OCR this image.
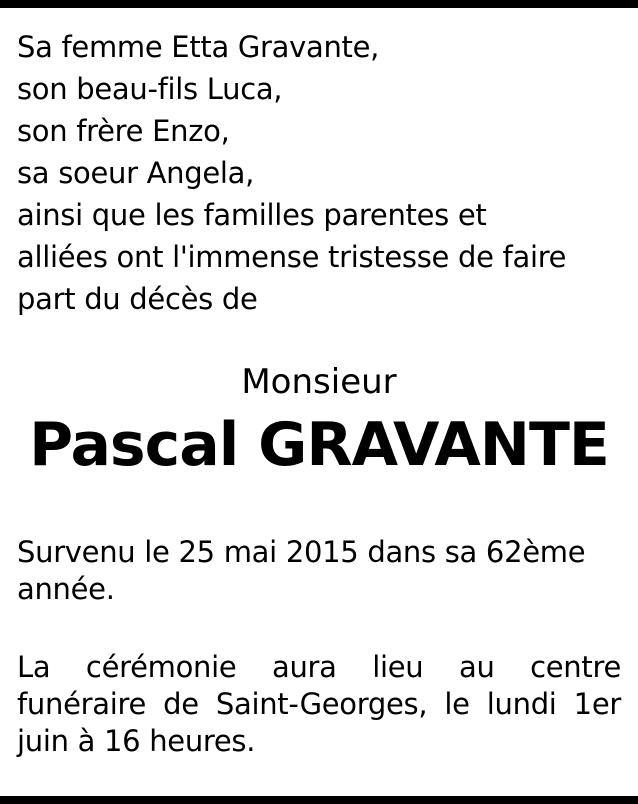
Sa femme Etta Gravante,
son beau-fils Luca,
son frère Enzo,
sa soeur Angela,
ainsi que les familles parentes et
alliées ont l'immense tristesse de faire
part du décès de
Monsieur
Pascal GRAVANTE
Survenu le 25 mai 2015 dans sa 62ème année.
La cérémonie aura lieu au centre funéraire de Saint-Georges, le lundi 1er juin à 16 heures.
